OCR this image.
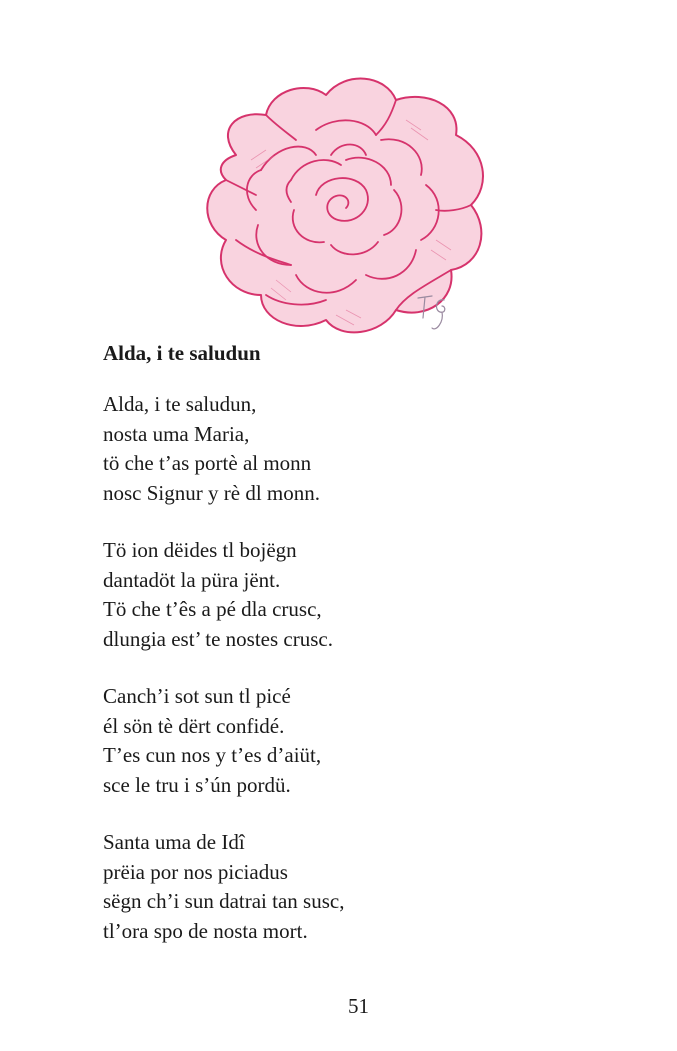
Alda, i te saludun
Alda, i te saludun,
nosta uma Maria,
tö che t’as portè al monn
nosc Signur y rè dl monn.
Tö ion dëides tl bojëgn
dantadöt la püra jënt.
Tö che t’ês a pé dla crusc,
dlungia est’ te nostes crusc.
Canch’i sot sun tl picé
él sön tè dërt confidé.
T’es cun nos y t’es d’aiüt,
sce le tru i s’ún pordü.
Santa uma de Idî
prëia por nos piciadus
sëgn ch’i sun datrai tan susc,
tl’ora spo de nosta mort.
51
